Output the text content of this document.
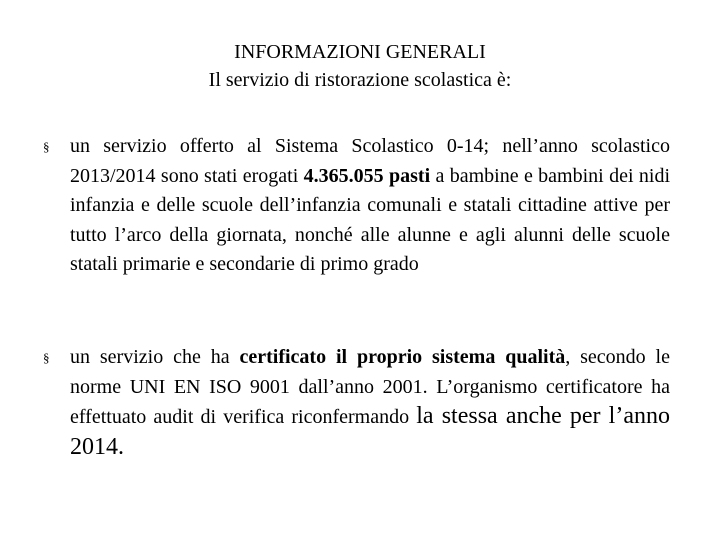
INFORMAZIONI GENERALI
Il servizio di ristorazione scolastica è:
§ un servizio offerto al Sistema Scolastico 0-14; nell’anno scolastico 2013/2014 sono stati erogati 4.365.055 pasti a bambine e bambini dei nidi infanzia e delle scuole dell’infanzia comunali e statali cittadine attive per tutto l’arco della giornata, nonché alle alunne e agli alunni delle scuole statali primarie e secondarie di primo grado
§ un servizio che ha certificato il proprio sistema qualità, secondo le norme UNI EN ISO 9001 dall’anno 2001. L’organismo certificatore ha effettuato audit di verifica riconfermando la stessa anche per l’anno 2014.
